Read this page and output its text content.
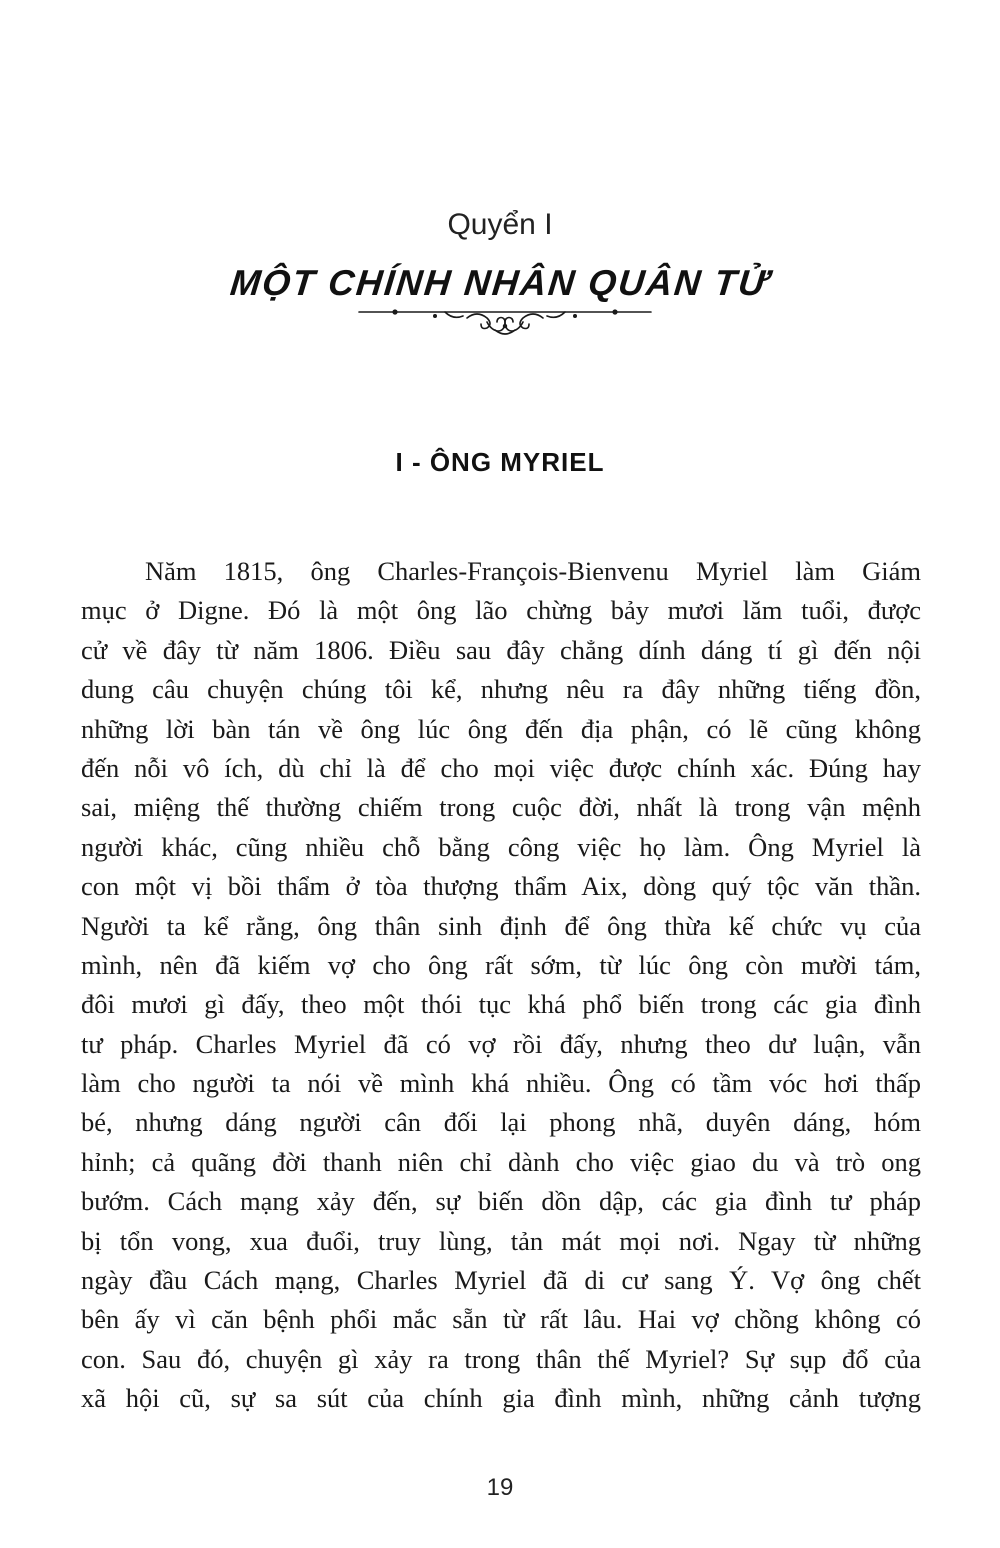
Quyển I
MỘT CHÍNH NHÂN QUÂN TỬ
I - ÔNG MYRIEL
Năm 1815, ông Charles-François-Bienvenu Myriel làm Giám
mục ở Digne. Đó là một ông lão chừng bảy mươi lăm tuổi, được
cử về đây từ năm 1806. Điều sau đây chẳng dính dáng tí gì đến nội
dung câu chuyện chúng tôi kể, nhưng nêu ra đây những tiếng đồn,
những lời bàn tán về ông lúc ông đến địa phận, có lẽ cũng không
đến nỗi vô ích, dù chỉ là để cho mọi việc được chính xác. Đúng hay
sai, miệng thế thường chiếm trong cuộc đời, nhất là trong vận mệnh
người khác, cũng nhiều chỗ bằng công việc họ làm. Ông Myriel là
con một vị bồi thẩm ở tòa thượng thẩm Aix, dòng quý tộc văn thần.
Người ta kể rằng, ông thân sinh định để ông thừa kế chức vụ của
mình, nên đã kiếm vợ cho ông rất sớm, từ lúc ông còn mười tám,
đôi mươi gì đấy, theo một thói tục khá phổ biến trong các gia đình
tư pháp. Charles Myriel đã có vợ rồi đấy, nhưng theo dư luận, vẫn
làm cho người ta nói về mình khá nhiều. Ông có tầm vóc hơi thấp
bé, nhưng dáng người cân đối lại phong nhã, duyên dáng, hóm
hỉnh; cả quãng đời thanh niên chỉ dành cho việc giao du và trò ong
bướm. Cách mạng xảy đến, sự biến dồn dập, các gia đình tư pháp
bị tổn vong, xua đuổi, truy lùng, tản mát mọi nơi. Ngay từ những
ngày đầu Cách mạng, Charles Myriel đã di cư sang Ý. Vợ ông chết
bên ấy vì căn bệnh phổi mắc sẵn từ rất lâu. Hai vợ chồng không có
con. Sau đó, chuyện gì xảy ra trong thân thế Myriel? Sự sụp đổ của
xã hội cũ, sự sa sút của chính gia đình mình, những cảnh tượng
19
